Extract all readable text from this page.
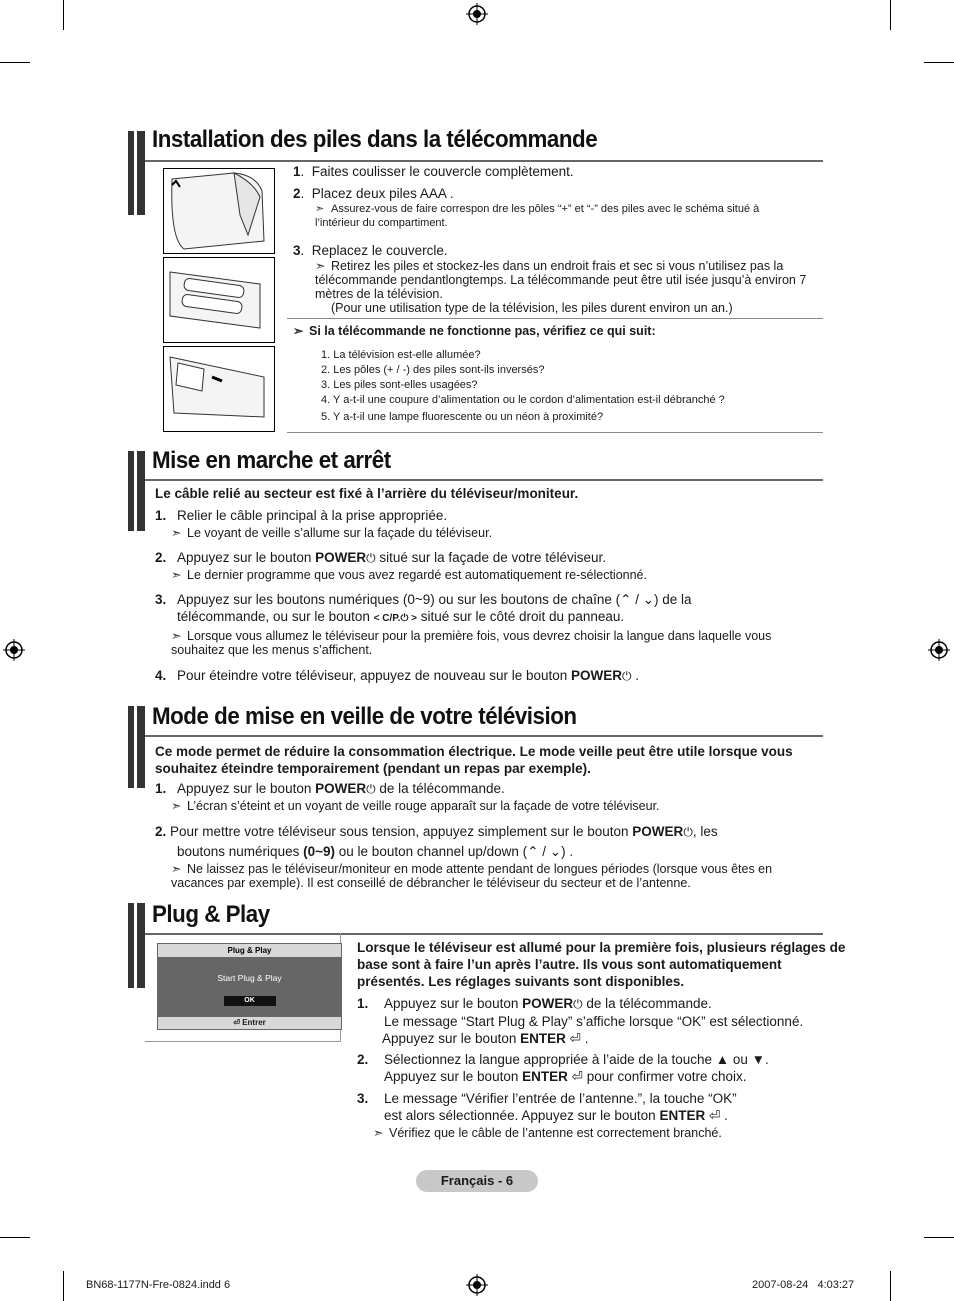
Installation des piles dans la télécommande
1.  Faites coulisser le couvercle complètement.
2.  Placez deux piles AAA .
➣ Assurez-vous de faire correspon dre les pôles “+” et “-” des piles avec le schéma situé à l’intérieur du compartiment.
3.  Replacez le couvercle.
➣ Retirez les piles et stockez-les dans un endroit frais et sec si vous n’utilisez pas la télécommande pendantlongtemps. La télécommande peut être util isée jusqu’à environ 7 mètres de la télévision.
(Pour une utilisation type de la télévision, les piles durent environ un an.)
➣ Si la télécommande ne fonctionne pas, vérifiez ce qui suit:
1. La télévision est-elle allumée?
2. Les pôles (+ / -) des piles sont-ils inversés?
3. Les piles sont-elles usagées?
4. Y a-t-il une coupure d’alimentation ou le cordon d’alimentation est-il débranché ?
5. Y a-t-il une lampe fluorescente ou un néon à proximité?
Mise en marche et arrêt
Le câble relié au secteur est fixé à l’arrière du téléviseur/moniteur.
1. Relier le câble principal à la prise appropriée.
➣ Le voyant de veille s’allume sur la façade du téléviseur.
2. Appuyez sur le bouton POWER⏻ situé sur la façade de votre téléviseur.
➣ Le dernier programme que vous avez regardé est automatiquement re-sélectionné.
3. Appuyez sur les boutons numériques (0~9) ou sur les boutons de chaîne (⌃ / ⌄) de la
télécommande, ou sur le bouton < C/P.⏻ > situé sur le côté droit du panneau.
➣ Lorsque vous allumez le téléviseur pour la première fois, vous devrez choisir la langue dans laquelle vous souhaitez que les menus s’affichent.
4. Pour éteindre votre téléviseur, appuyez de nouveau sur le bouton POWER⏻ .
Mode de mise en veille de votre télévision
Ce mode permet de réduire la consommation électrique. Le mode veille peut être utile lorsque vous souhaitez éteindre temporairement (pendant un repas par exemple).
1. Appuyez sur le bouton POWER⏻ de la télécommande.
➣ L’écran s’éteint et un voyant de veille rouge apparaît sur la façade de votre téléviseur.
2. Pour mettre votre téléviseur sous tension, appuyez simplement sur le bouton POWER⏻, les
boutons numériques (0~9) ou le bouton channel up/down (⌃ / ⌄) .
➣ Ne laissez pas le téléviseur/moniteur en mode attente pendant de longues périodes (lorsque vous êtes en vacances par exemple). Il est conseillé de débrancher le téléviseur du secteur et de l’antenne.
Plug & Play
Plug & Play
Start Plug & Play
OK
⏎ Entrer
Lorsque le téléviseur est allumé pour la première fois, plusieurs réglages de base sont à faire l’un après l’autre. Ils vous sont automatiquement présentés. Les réglages suivants sont disponibles.
1. Appuyez sur le bouton POWER⏻ de la télécommande.
Le message “Start Plug & Play” s’affiche lorsque “OK” est sélectionné.
Appuyez sur le bouton ENTER ⏎ .
2. Sélectionnez la langue appropriée à l’aide de la touche ▲ ou ▼.
Appuyez sur le bouton ENTER ⏎ pour confirmer votre choix.
3. Le message “Vérifier l’entrée de l’antenne.”, la touche “OK”
est alors sélectionnée. Appuyez sur le bouton ENTER ⏎ .
➣ Vérifiez que le câble de l’antenne est correctement branché.
Français - 6
BN68-1177N-Fre-0824.indd 6	2007-08-24 4:03:27
